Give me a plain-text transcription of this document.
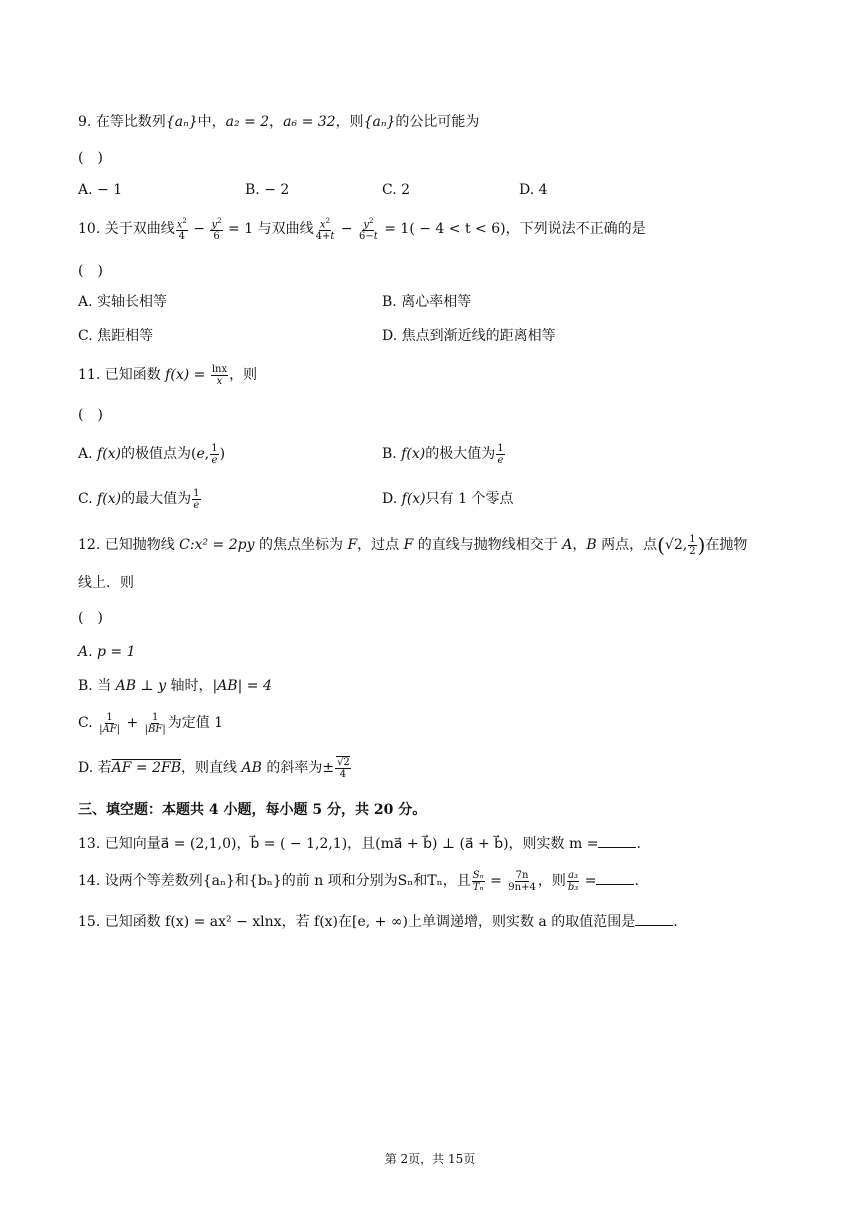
9. 在等比数列{aₙ}中，a₂ = 2，a₆ = 32，则{aₙ}的公比可能为
(　)
A. − 1	B. − 2	C. 2	D. 4
10. 关于双曲线 $\frac{x^2}{4} - \frac{y^2}{6} = 1$ 与双曲线 $\frac{x^2}{4+t} - \frac{y^2}{6-t} = 1( - 4 < t < 6)$，下列说法不正确的是
(　)
A. 实轴长相等	B. 离心率相等
C. 焦距相等	D. 焦点到渐近线的距离相等
11. 已知函数 $f(x) = \frac{\ln x}{x}$ ，则
(　)
A. f(x)的极值点为(e, $\frac{1}{e}$ )	B. f(x)的极大值为 $\frac{1}{e}$
C. f(x)的最大值为 $\frac{1}{e}$	D. f(x)只有 1 个零点
12. 已知抛物线 C:x² = 2py 的焦点坐标为 F，过点 F 的直线与抛物线相交于 A，B 两点，点(√2, $\frac{1}{2}$ )在抛物
线上．则
(　)
A. p = 1
B. 当 AB ⊥ y 轴时，|AB| = 4
C. $\frac{1}{|AF|} + \frac{1}{|BF|}$ 为定值 1
D. 若AF = 2FB，则直线 AB 的斜率为± $\frac{√2}{4}$
三、填空题：本题共 4 小题，每小题 5 分，共 20 分。
13. 已知向量a⃗ = (2,1,0)，b⃗ = ( − 1,2,1)，且(ma⃗ + b⃗) ⊥ (a⃗ + b⃗)，则实数 m =	.
14. 设两个等差数列{aₙ}和{bₙ}的前 n 项和分别为Sₙ和Tₙ，且 $\frac{\text{Sₙ}}{\text{Tₙ}} = \frac{7n}{9n+4}$ ，则 $\frac{\text{a₃}}{\text{b₃}}$ =	.
15. 已知函数 f(x) = ax² − xlnx，若 f(x)在[e, + ∞)上单调递增，则实数 a 的取值范围是	.
第 2页，共 15页
